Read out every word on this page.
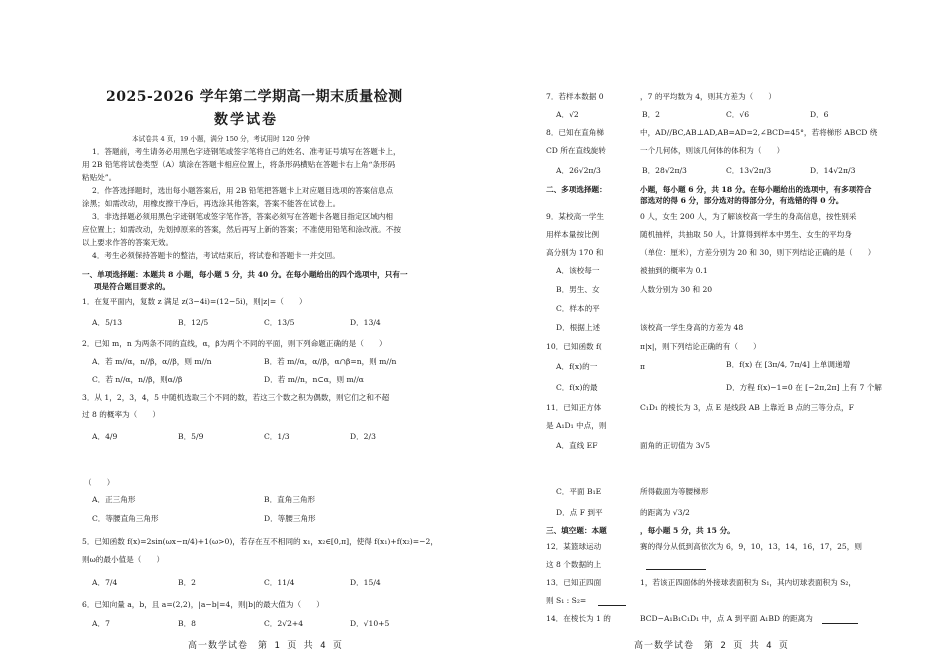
2025-2026 学年第二学期高一期末质量检测
数学试卷
本试卷共 4 页，19 小题，满分 150 分，考试用时 120 分钟
1．答题前，考生请务必用黑色字迹钢笔或签字笔将自己的姓名、准考证号填写在答题卡上，
用 2B 铅笔将试卷类型（A）填涂在答题卡相应位置上，将条形码横贴在答题卡右上角“条形码
粘贴处”。
2．作答选择题时，选出每小题答案后，用 2B 铅笔把答题卡上对应题目选项的答案信息点
涂黑；如需改动，用橡皮擦干净后，再选涂其他答案，答案不能答在试卷上。
3．非选择题必须用黑色字迹钢笔或签字笔作答，答案必须写在答题卡各题目指定区域内相
应位置上；如需改动，先划掉原来的答案，然后再写上新的答案；不准使用铅笔和涂改液。不按
以上要求作答的答案无效。
4．考生必须保持答题卡的整洁，考试结束后，将试卷和答题卡一并交回。
一、单项选择题：本题共 8 小题，每小题 5 分，共 40 分。在每小题给出的四个选项中，只有一
项是符合题目要求的。
1．在复平面内，复数 z 满足 z(3−4i)=(12−5i)，则|z|=（　　）
A．5/13	B．12/5	C．13/5	D．13/4
2．已知 m，n 为两条不同的直线，α，β为两个不同的平面，则下列命题正确的是（　　）
A．若 m//α，n//β，α//β，则 m//n	B．若 m//α，α//β，α∩β=n，则 m//n
C．若 n//α，n//β，则α//β	D．若 m//n，n⊂α，则 m//α
3．从 1，2，3，4，5 中随机选取三个不同的数，若这三个数之积为偶数，则它们之和不超
过 8 的概率为（　　）
A．4/9	B．5/9	C．1/3	D．2/3
（　　）
A．正三角形	B．直角三角形
C．等腰直角三角形	D．等腰三角形
5．已知函数 f(x)=2sin(ωx−π/4)+1(ω>0)，若存在互不相同的 x₁，x₂∈[0,π]，使得 f(x₁)+f(x₂)=−2，
则ω的最小值是（　　）
A．7/4	B．2	C．11/4	D．15/4
6．已知向量 a，b，且 a=(2,2)，|a−b|=4，则|b|的最大值为（　　）
A．7	B．8	C．2√2+4	D．√10+5
高一数学试卷　第 1 页 共 4 页
7．若样本数据 0	，7 的平均数为 4，则其方差为（　　）
A．√2	B．2	C．√6	D．6
8．已知在直角梯	中，AD//BC,AB⊥AD,AB=AD=2,∠BCD=45°，若将梯形 ABCD 绕
CD 所在直线旋转	一个几何体，则该几何体的体积为（　　）
A．26√2π/3	B．28√2π/3	C．13√2π/3	D．14√2π/3
二、多项选择题：	小题，每小题 6 分，共 18 分。在每小题给出的选项中，有多项符合
部选对的得 6 分，部分选对的得部分分，有选错的得 0 分。
9．某校高一学生	0 人，女生 200 人，为了解该校高一学生的身高信息，按性别采
用样本量按比例	随机抽样，共抽取 50 人，计算得到样本中男生、女生的平均身
高分别为 170 和	（单位：厘米），方差分别为 20 和 30，则下列结论正确的是（　　）
A．该校每一	被抽到的概率为 0.1
B．男生、女	人数分别为 30 和 20
C．样本的平
D．根据上述	该校高一学生身高的方差为 48
10．已知函数 f(	π|x|，则下列结论正确的有（　　）
A．f(x)的一	π	B．f(x) 在 [3π/4, 7π/4] 上单调递增
C．f(x)的最	D．方程 f(x)−1=0 在 [−2π,2π] 上有 7 个解
11．已知正方体	C₁D₁ 的棱长为 3，点 E 是线段 AB 上靠近 B 点的三等分点，F
是 A₁D₁ 中点，则
A．直线 EF	面角的正切值为 3√5
C．平面 B₁E	所得截面为等腰梯形
D．点 F 到平	的距离为 √3/2
三、填空题：本题	，每小题 5 分，共 15 分。
12．某篮球运动	赛的得分从低到高依次为 6，9，10，13，14，16，17，25，则
这 8 个数据的上
13．已知正四面	1，若该正四面体的外接球表面积为 S₁，其内切球表面积为 S₂，
则 S₁ : S₂=
14．在棱长为 1 的	BCD−A₁B₁C₁D₁ 中，点 A 到平面 A₁BD 的距离为
高一数学试卷　第 2 页 共 4 页
